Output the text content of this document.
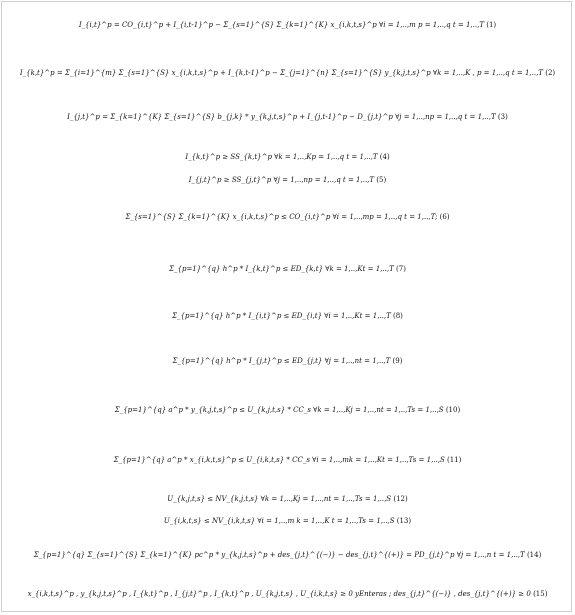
I_{i,t}^p = CO_{i,t}^p + I_{i,t-1}^p − Σ_{s=1}^{S} Σ_{k=1}^{K} x_{i,k,t,s}^p ∀i = 1,..,m p = 1,..,q t = 1,..,T (1)
I_{k,t}^p = Σ_{i=1}^{m} Σ_{s=1}^{S} x_{i,k,t,s}^p + I_{k,t-1}^p − Σ_{j=1}^{n} Σ_{s=1}^{S} y_{k,j,t,s}^p ∀k = 1,..,K , p = 1,..,q t = 1,..,T (2)
I_{j,t}^p = Σ_{k=1}^{K} Σ_{s=1}^{S} b_{j,k} * y_{k,j,t,s}^p + I_{j,t-1}^p − D_{j,t}^p ∀j = 1,..,np = 1,..,q t = 1,..,T (3)
I_{k,t}^p ≥ SS_{k,t}^p ∀k = 1,..,Kp = 1,..,q t = 1,..,T (4)
I_{j,t}^p ≥ SS_{j,t}^p ∀j = 1,..,np = 1,..,q t = 1,..,T (5)
Σ_{s=1}^{S} Σ_{k=1}^{K} x_{i,k,t,s}^p ≤ CO_{i,t}^p ∀i = 1,..,mp = 1,..,q t = 1,..,T; (6)
Σ_{p=1}^{q} h^p * I_{k,t}^p ≤ ED_{k,t} ∀k = 1,..,Kt = 1,..,T (7)
Σ_{p=1}^{q} h^p * I_{i,t}^p ≤ ED_{i,t} ∀i = 1,..,Kt = 1,..,T (8)
Σ_{p=1}^{q} h^p * I_{j,t}^p ≤ ED_{j,t} ∀j = 1,..,nt = 1,..,T (9)
Σ_{p=1}^{q} a^p * y_{k,j,t,s}^p ≤ U_{k,j,t,s} * CC_s ∀k = 1,..,Kj = 1,..,nt = 1,..,Ts = 1,..,S (10)
Σ_{p=1}^{q} a^p * x_{i,k,t,s}^p ≤ U_{i,k,t,s} * CC_s ∀i = 1,..,mk = 1,..,Kt = 1,..,Ts = 1,..,S (11)
U_{k,j,t,s} ≤ NV_{k,j,t,s} ∀k = 1,..,Kj = 1,..,nt = 1,..,Ts = 1,..,S (12)
U_{i,k,t,s} ≤ NV_{i,k,t,s} ∀i = 1,..,m k = 1,..,K t = 1,..,Ts = 1,..,S (13)
Σ_{p=1}^{q} Σ_{s=1}^{S} Σ_{k=1}^{K} pc^p * y_{k,j,t,s}^p + des_{j,t}^{(−)} − des_{j,t}^{(+)} = PD_{j,t}^p ∀j = 1,..,n t = 1,..,T (14)
x_{i,k,t,s}^p , y_{k,j,t,s}^p , I_{k,t}^p , I_{j,t}^p , I_{k,t}^p , U_{k,j,t,s} , U_{i,k,t,s} ≥ 0 yEnteras ; des_{j,t}^{(−)} , des_{j,t}^{(+)} ≥ 0 (15)
